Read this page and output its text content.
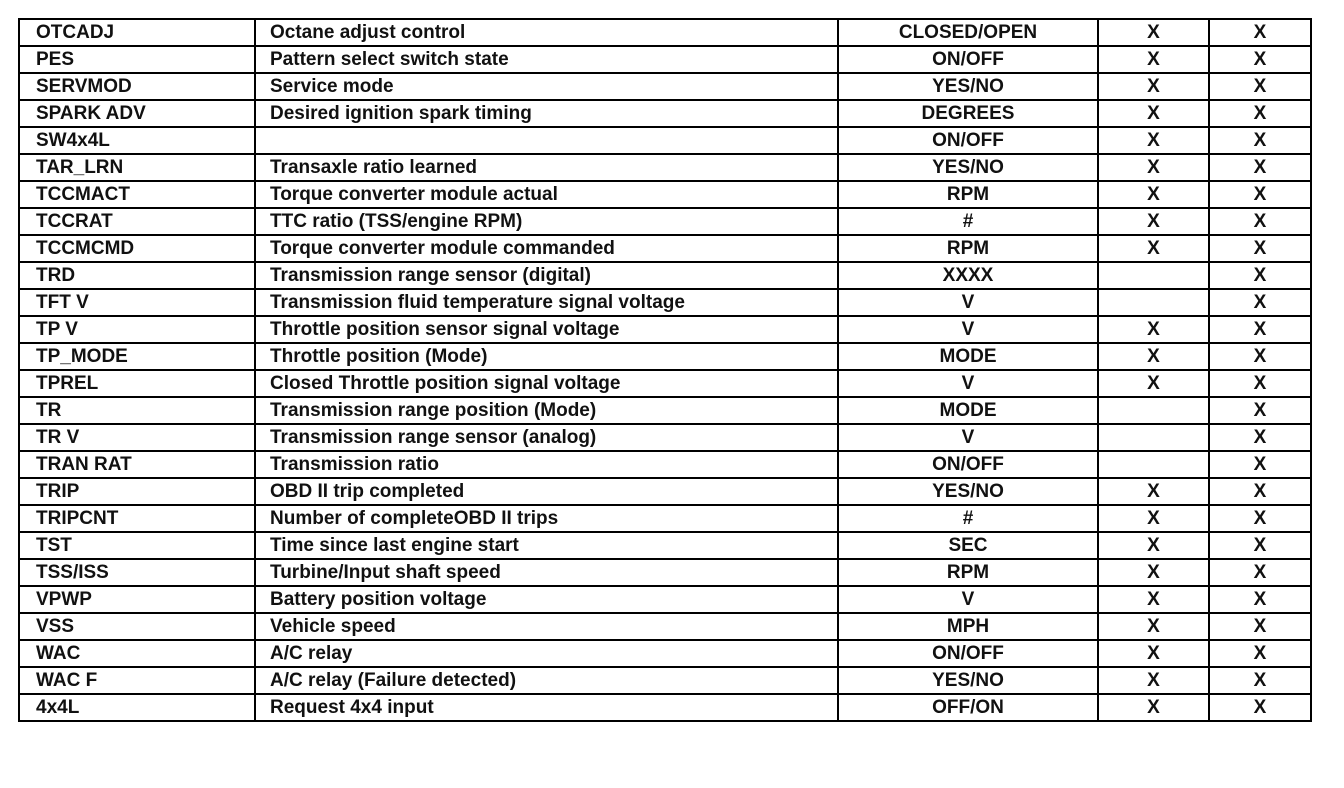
OTCADJ	Octane adjust control	CLOSED/OPEN	X	X
PES	Pattern select switch state	ON/OFF	X	X
SERVMOD	Service mode	YES/NO	X	X
SPARK ADV	Desired ignition spark timing	DEGREES	X	X
SW4x4L		ON/OFF	X	X
TAR_LRN	Transaxle ratio learned	YES/NO	X	X
TCCMACT	Torque converter module actual	RPM	X	X
TCCRAT	TTC ratio (TSS/engine RPM)	#	X	X
TCCMCMD	Torque converter module commanded	RPM	X	X
TRD	Transmission range sensor (digital)	XXXX		X
TFT V	Transmission fluid temperature signal voltage	V		X
TP V	Throttle position sensor signal voltage	V	X	X
TP_MODE	Throttle position (Mode)	MODE	X	X
TPREL	Closed Throttle position signal voltage	V	X	X
TR	Transmission range position (Mode)	MODE		X
TR V	Transmission range sensor (analog)	V		X
TRAN RAT	Transmission ratio	ON/OFF		X
TRIP	OBD II trip completed	YES/NO	X	X
TRIPCNT	Number of completeOBD II trips	#	X	X
TST	Time since last engine start	SEC	X	X
TSS/ISS	Turbine/Input shaft speed	RPM	X	X
VPWP	Battery position voltage	V	X	X
VSS	Vehicle speed	MPH	X	X
WAC	A/C relay	ON/OFF	X	X
WAC F	A/C relay (Failure detected)	YES/NO	X	X
4x4L	Request 4x4 input	OFF/ON	X	X
